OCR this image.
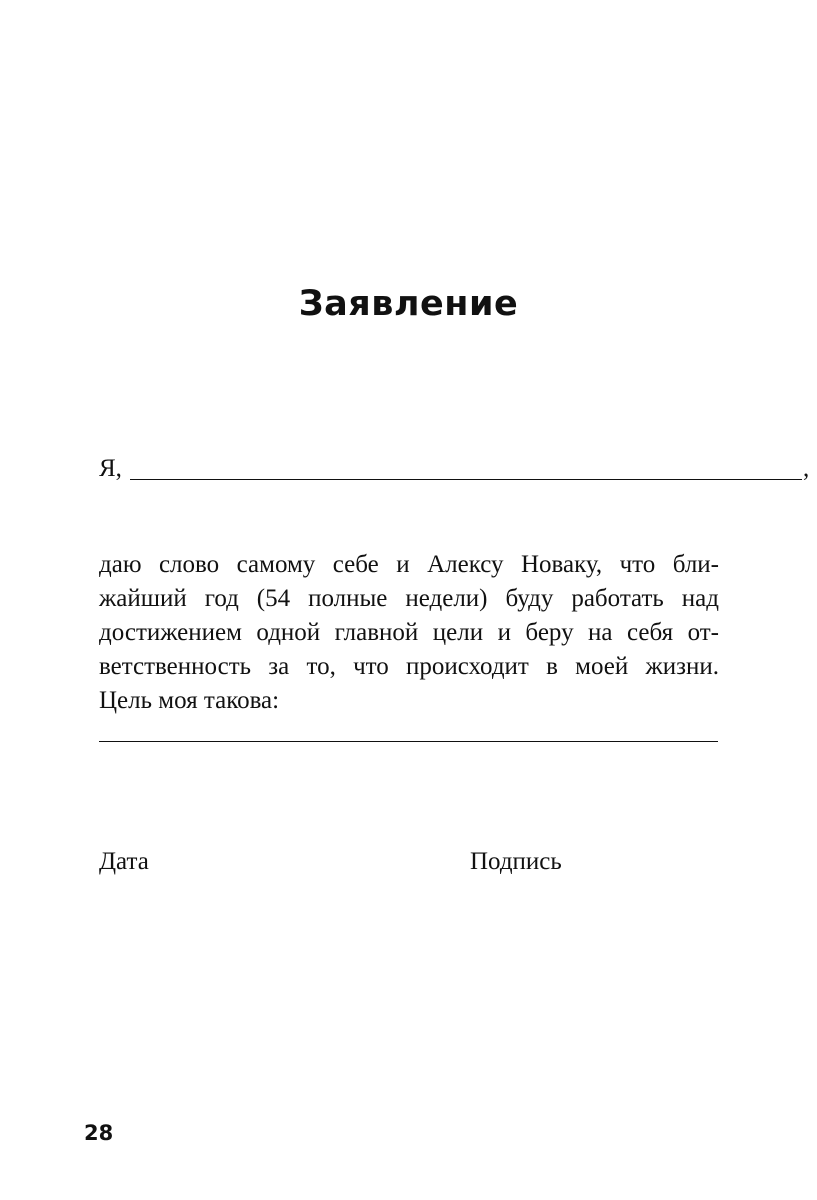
Заявление
Я,	,
даю слово самому себе и Алексу Новаку, что бли-
жайший год (54 полные недели) буду работать над
достижением одной главной цели и беру на себя от-
ветственность за то, что происходит в моей жизни.
Цель моя такова:
Дата	Подпись
28
